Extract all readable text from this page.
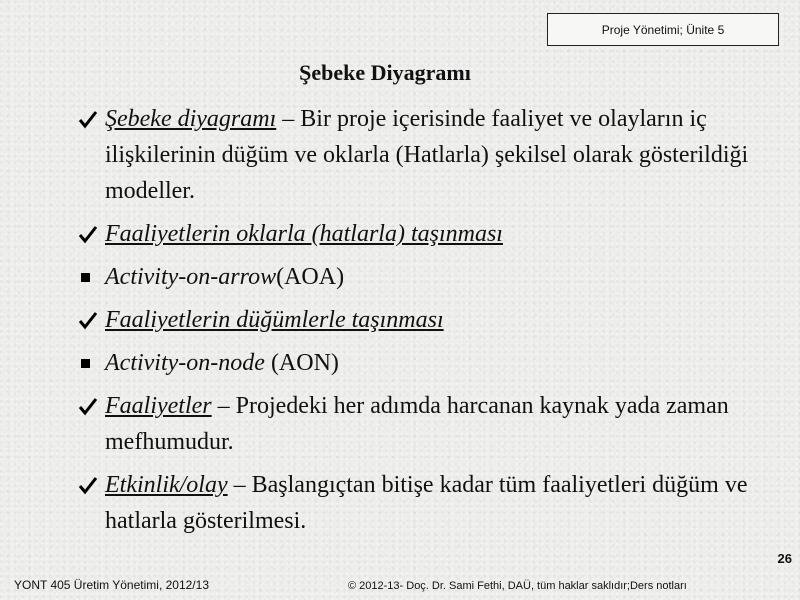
Proje Yönetimi; Ünite 5
Şebeke Diyagramı
Şebeke diyagramı – Bir proje içerisinde faaliyet ve olayların iç ilişkilerinin düğüm ve oklarla (Hatlarla) şekilsel olarak gösterildiği modeller.
Faaliyetlerin oklarla (hatlarla) taşınması
Activity-on-arrow(AOA)
Faaliyetlerin düğümlerle taşınması
Activity-on-node (AON)
Faaliyetler – Projedeki her adımda harcanan kaynak yada zaman mefhumudur.
Etkinlik/olay – Başlangıçtan bitişe kadar tüm faaliyetleri düğüm ve hatlarla gösterilmesi.
26
YONT 405 Üretim Yönetimi, 2012/13	© 2012-13- Doç. Dr. Sami Fethi, DAÜ, tüm haklar saklıdır;Ders notları
